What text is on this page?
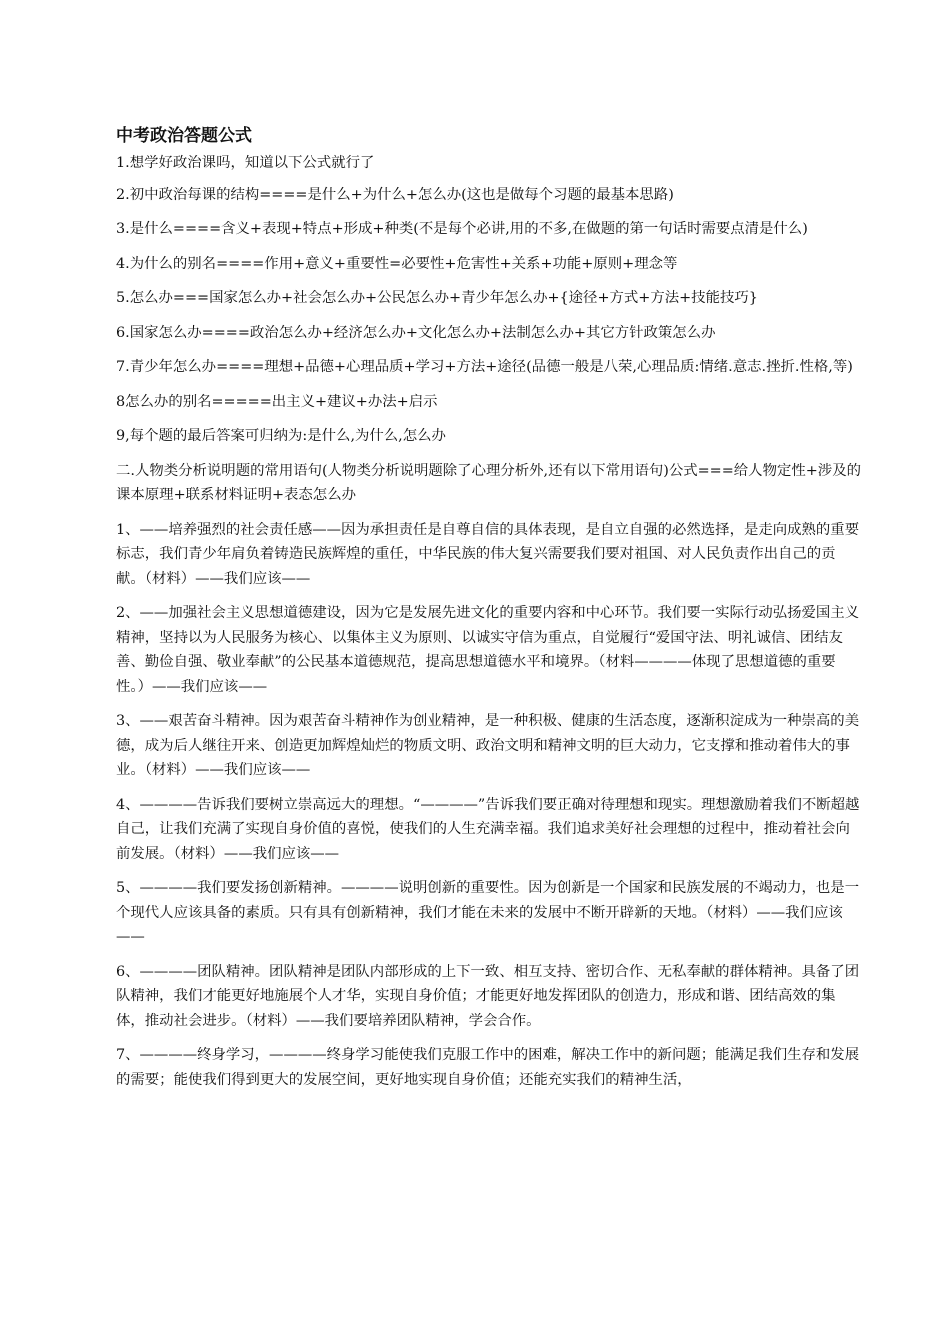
中考政治答题公式

1.想学好政治课吗，知道以下公式就行了

2.初中政治每课的结构====是什么+为什么+怎么办(这也是做每个习题的最基本思路)

3.是什么====含义+表现+特点+形成+种类(不是每个必讲,用的不多,在做题的第一句话时需要点清是什么)

4.为什么的别名====作用+意义+重要性=必要性+危害性+关系+功能+原则+理念等

5.怎么办===国家怎么办+社会怎么办+公民怎么办+青少年怎么办+{途径+方式+方法+技能技巧}

6.国家怎么办====政治怎么办+经济怎么办+文化怎么办+法制怎么办+其它方针政策怎么办

7.青少年怎么办====理想+品德+心理品质+学习+方法+途径(品德一般是八荣,心理品质:情绪.意志.挫折.性格,等)

8怎么办的别名=====出主义+建议+办法+启示

9,每个题的最后答案可归纳为:是什么,为什么,怎么办

二.人物类分析说明题的常用语句(人物类分析说明题除了心理分析外,还有以下常用语句)公式===给人物定性+涉及的课本原理+联系材料证明+表态怎么办

1、——培养强烈的社会责任感——因为承担责任是自尊自信的具体表现，是自立自强的必然选择，是走向成熟的重要标志，我们青少年肩负着铸造民族辉煌的重任，中华民族的伟大复兴需要我们要对祖国、对人民负责作出自己的贡献。（材料）——我们应该——

2、——加强社会主义思想道德建设，因为它是发展先进文化的重要内容和中心环节。我们要一实际行动弘扬爱国主义精神，坚持以为人民服务为核心、以集体主义为原则、以诚实守信为重点，自觉履行“爱国守法、明礼诚信、团结友善、勤俭自强、敬业奉献”的公民基本道德规范，提高思想道德水平和境界。（材料————体现了思想道德的重要性。）——我们应该——

3、——艰苦奋斗精神。因为艰苦奋斗精神作为创业精神，是一种积极、健康的生活态度，逐渐积淀成为一种崇高的美德，成为后人继往开来、创造更加辉煌灿烂的物质文明、政治文明和精神文明的巨大动力，它支撑和推动着伟大的事业。（材料）——我们应该——

4、————告诉我们要树立崇高远大的理想。“————”告诉我们要正确对待理想和现实。理想激励着我们不断超越自己，让我们充满了实现自身价值的喜悦，使我们的人生充满幸福。我们追求美好社会理想的过程中，推动着社会向前发展。（材料）——我们应该——

5、————我们要发扬创新精神。————说明创新的重要性。因为创新是一个国家和民族发展的不竭动力，也是一个现代人应该具备的素质。只有具有创新精神，我们才能在未来的发展中不断开辟新的天地。（材料）——我们应该——

6、————团队精神。团队精神是团队内部形成的上下一致、相互支持、密切合作、无私奉献的群体精神。具备了团队精神，我们才能更好地施展个人才华，实现自身价值；才能更好地发挥团队的创造力，形成和谐、团结高效的集体，推动社会进步。（材料）——我们要培养团队精神，学会合作。

7、————终身学习，————终身学习能使我们克服工作中的困难，解决工作中的新问题；能满足我们生存和发展的需要；能使我们得到更大的发展空间，更好地实现自身价值；还能充实我们的精神生活，
